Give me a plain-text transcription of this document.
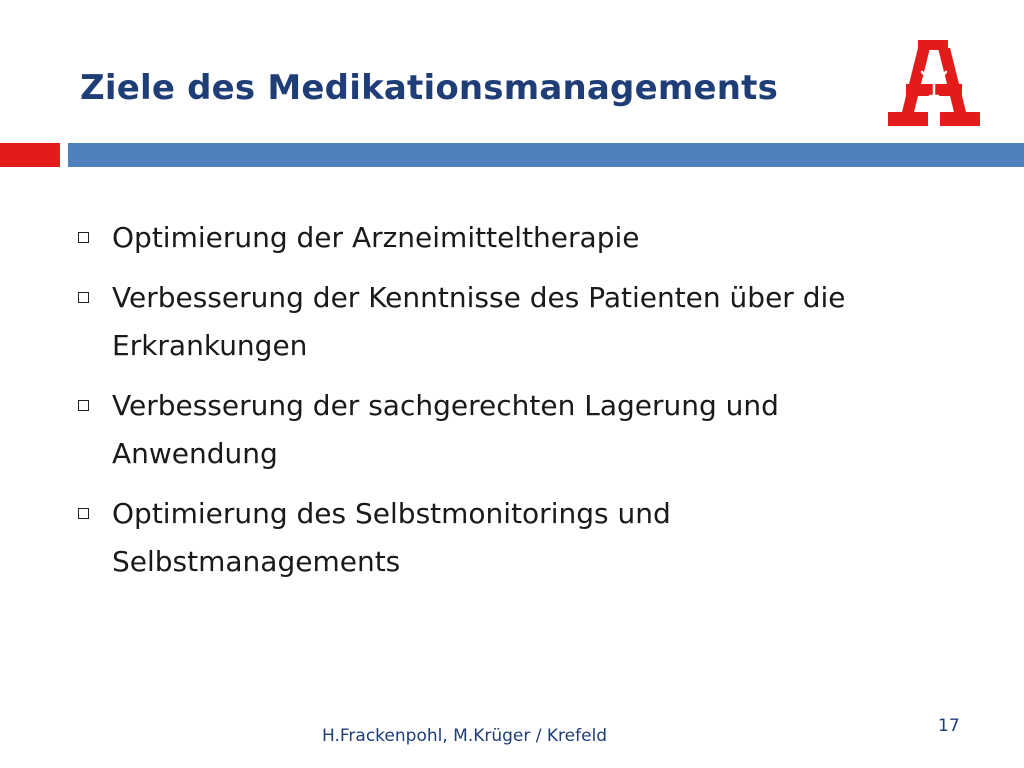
Ziele des Medikationsmanagements
Optimierung der Arzneimitteltherapie
Verbesserung der Kenntnisse des Patienten über die Erkrankungen
Verbesserung der sachgerechten Lagerung und Anwendung
Optimierung des Selbstmonitorings und Selbstmanagements
H.Frackenpohl, M.Krüger / Krefeld	17
